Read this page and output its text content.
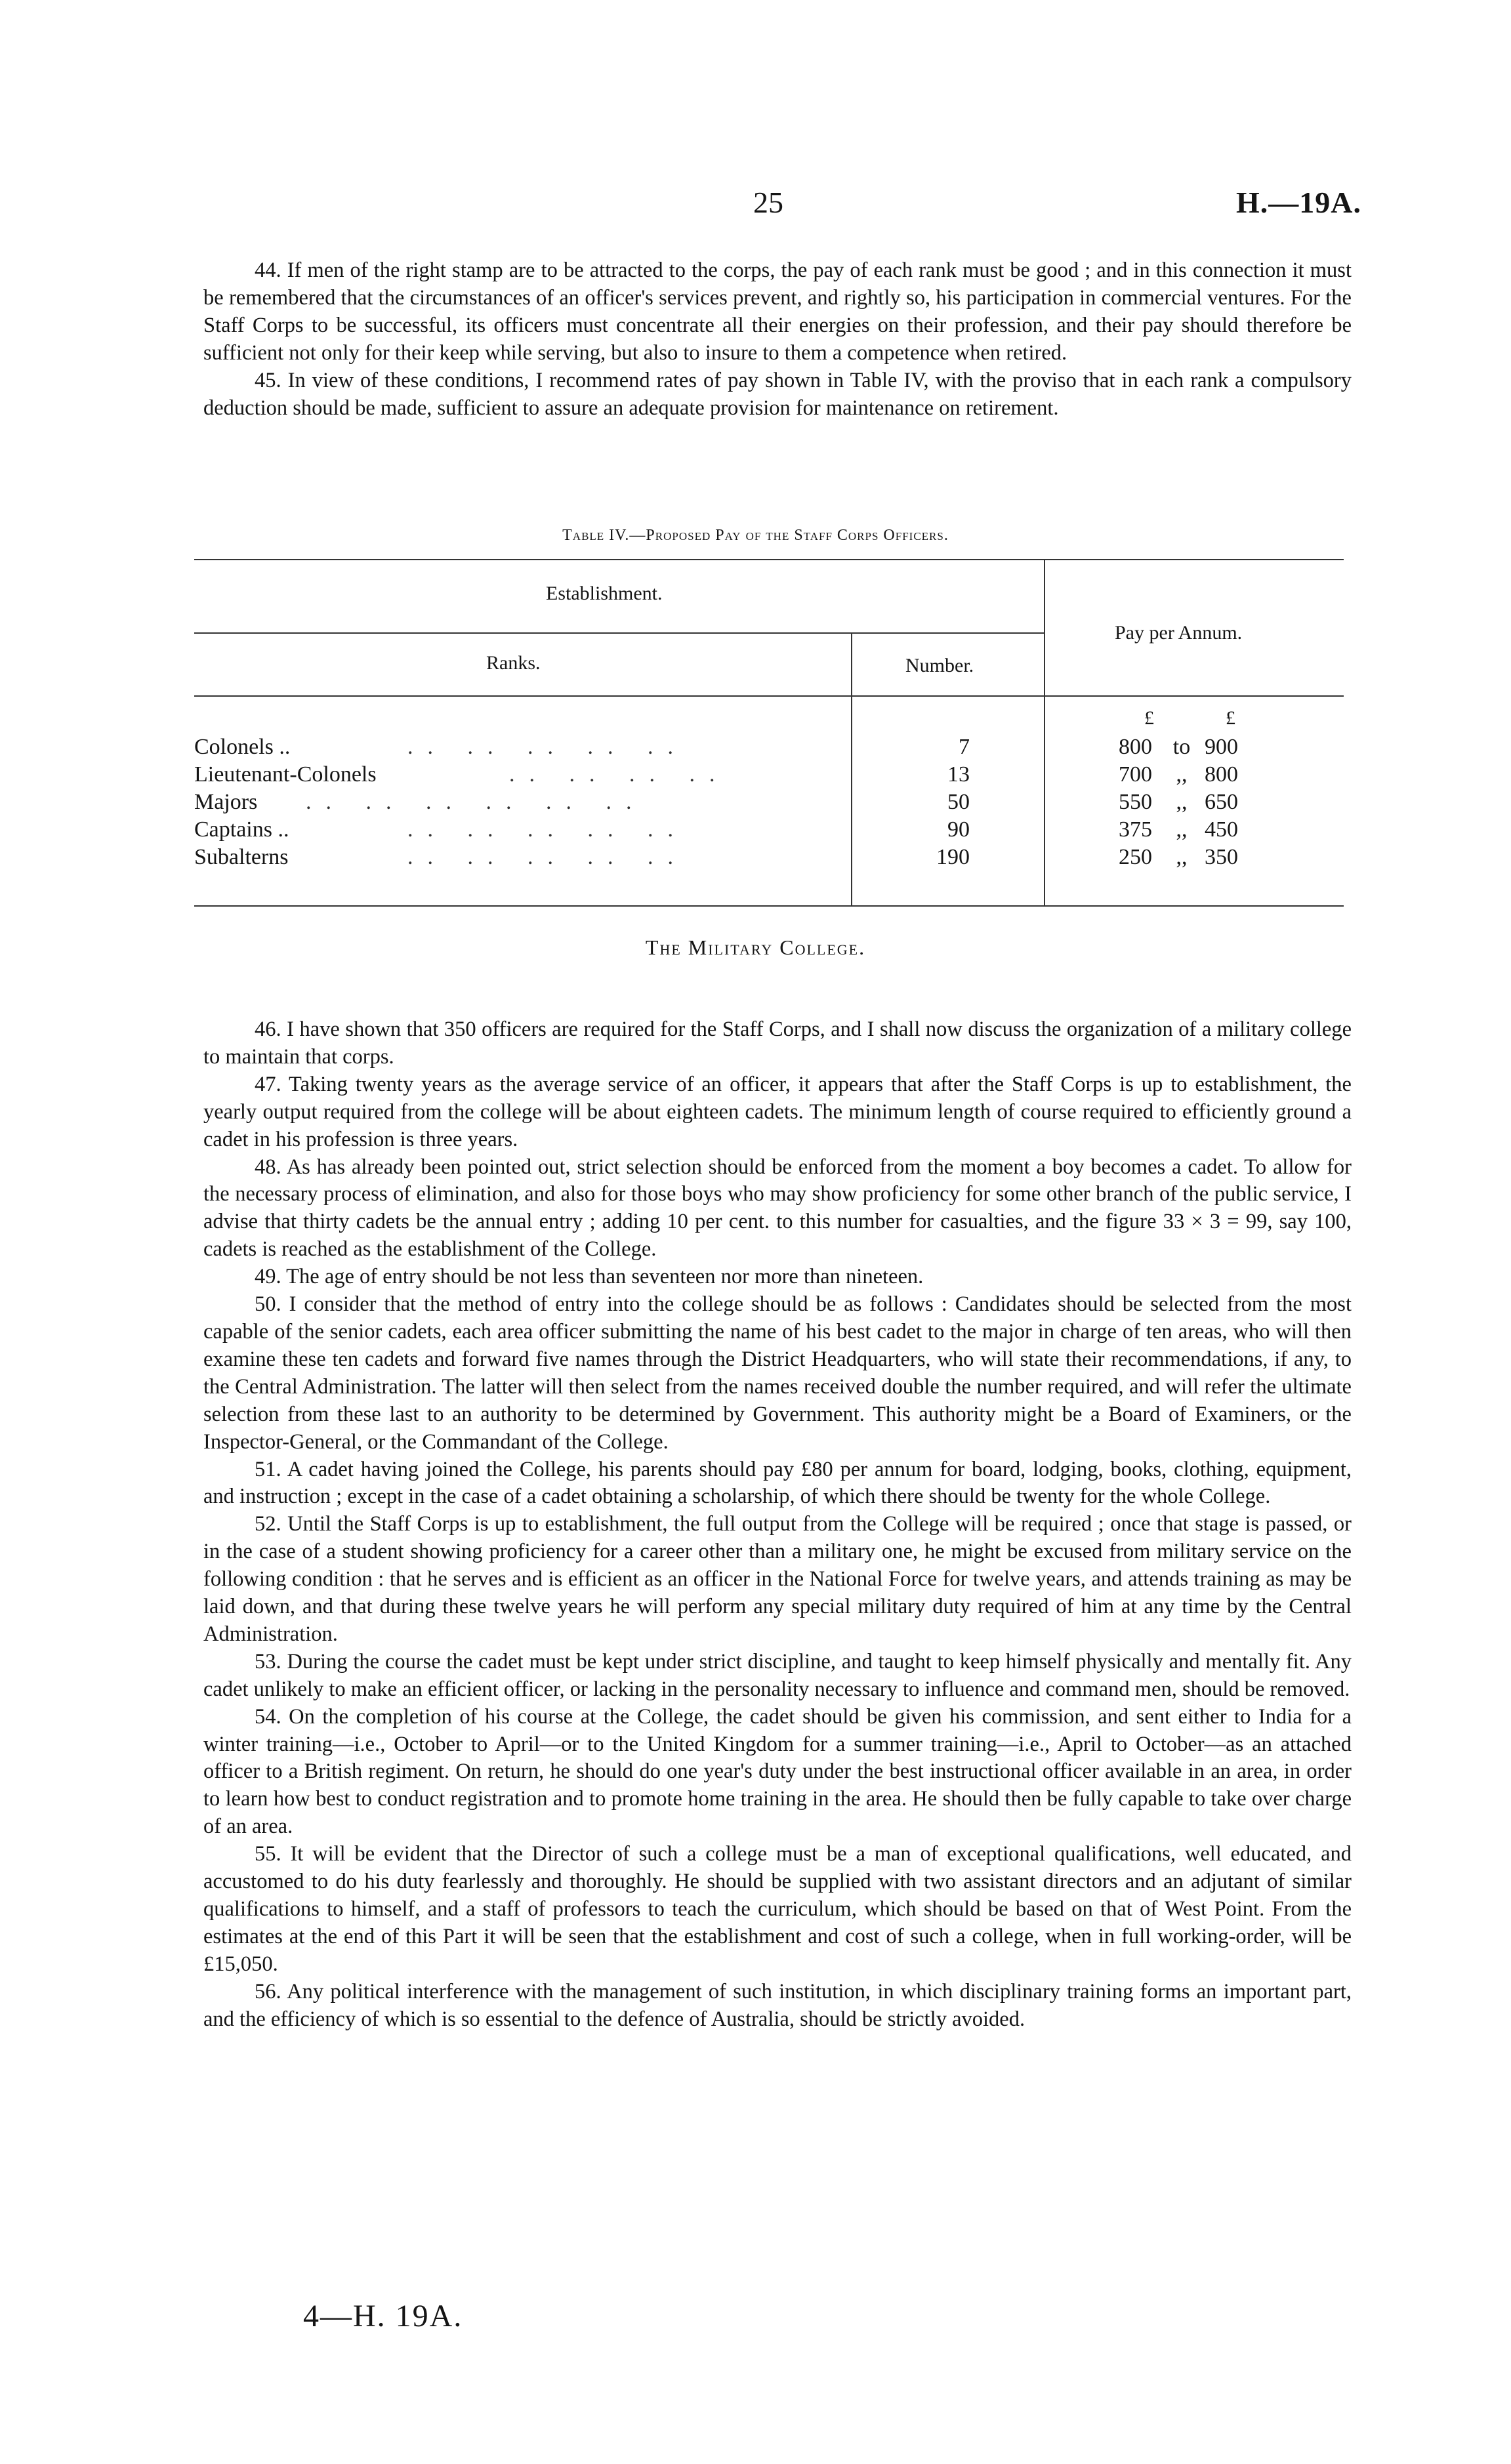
25	H.—19A.

44. If men of the right stamp are to be attracted to the corps, the pay of each rank must be good ; and in this connection it must be remembered that the circumstances of an officer's services prevent, and rightly so, his participation in commercial ventures. For the Staff Corps to be successful, its officers must concentrate all their energies on their profession, and their pay should therefore be sufficient not only for their keep while serving, but also to insure to them a competence when retired.

45. In view of these conditions, I recommend rates of pay shown in Table IV, with the proviso that in each rank a compulsory deduction should be made, sufficient to assure an adequate provision for maintenance on retirement.

Table IV.—Proposed Pay of the Staff Corps Officers.
Establishment.
Ranks.	Number.
Pay per Annum.
£	£
Colonels ..	.. .. .. .. ..	7	800 to 900
Lieutenant-Colonels	.. .. .. ..	13	700	,, 800
Majors .. .. .. .. .. ..	50	550	,, 650
Captains ..	.. .. .. .. ..	90	375	,, 450
Subalterns	.. .. .. .. ..	190	250	,, 350
The Military College.

46. I have shown that 350 officers are required for the Staff Corps, and I shall now discuss the organization of a military college to maintain that corps.

47. Taking twenty years as the average service of an officer, it appears that after the Staff Corps is up to establishment, the yearly output required from the college will be about eighteen cadets. The minimum length of course required to efficiently ground a cadet in his profession is three years.

48. As has already been pointed out, strict selection should be enforced from the moment a boy becomes a cadet. To allow for the necessary process of elimination, and also for those boys who may show proficiency for some other branch of the public service, I advise that thirty cadets be the annual entry ; adding 10 per cent. to this number for casualties, and the figure 33 × 3 = 99, say 100, cadets is reached as the establishment of the College.

49. The age of entry should be not less than seventeen nor more than nineteen.

50. I consider that the method of entry into the college should be as follows : Candidates should be selected from the most capable of the senior cadets, each area officer submitting the name of his best cadet to the major in charge of ten areas, who will then examine these ten cadets and forward five names through the District Headquarters, who will state their recommendations, if any, to the Central Administration. The latter will then select from the names received double the number required, and will refer the ultimate selection from these last to an authority to be determined by Government. This authority might be a Board of Examiners, or the Inspector-General, or the Commandant of the College.

51. A cadet having joined the College, his parents should pay £80 per annum for board, lodging, books, clothing, equipment, and instruction ; except in the case of a cadet obtaining a scholarship, of which there should be twenty for the whole College.

52. Until the Staff Corps is up to establishment, the full output from the College will be required ; once that stage is passed, or in the case of a student showing proficiency for a career other than a military one, he might be excused from military service on the following condition : that he serves and is efficient as an officer in the National Force for twelve years, and attends training as may be laid down, and that during these twelve years he will perform any special military duty required of him at any time by the Central Administration.

53. During the course the cadet must be kept under strict discipline, and taught to keep himself physically and mentally fit. Any cadet unlikely to make an efficient officer, or lacking in the personality necessary to influence and command men, should be removed.

54. On the completion of his course at the College, the cadet should be given his commission, and sent either to India for a winter training—i.e., October to April—or to the United Kingdom for a summer training—i.e., April to October—as an attached officer to a British regiment. On return, he should do one year's duty under the best instructional officer available in an area, in order to learn how best to conduct registration and to promote home training in the area. He should then be fully capable to take over charge of an area.

55. It will be evident that the Director of such a college must be a man of exceptional qualifications, well educated, and accustomed to do his duty fearlessly and thoroughly. He should be supplied with two assistant directors and an adjutant of similar qualifications to himself, and a staff of professors to teach the curriculum, which should be based on that of West Point. From the estimates at the end of this Part it will be seen that the establishment and cost of such a college, when in full working-order, will be £15,050.

56. Any political interference with the management of such institution, in which disciplinary training forms an important part, and the efficiency of which is so essential to the defence of Australia, should be strictly avoided.

4—H. 19A.
